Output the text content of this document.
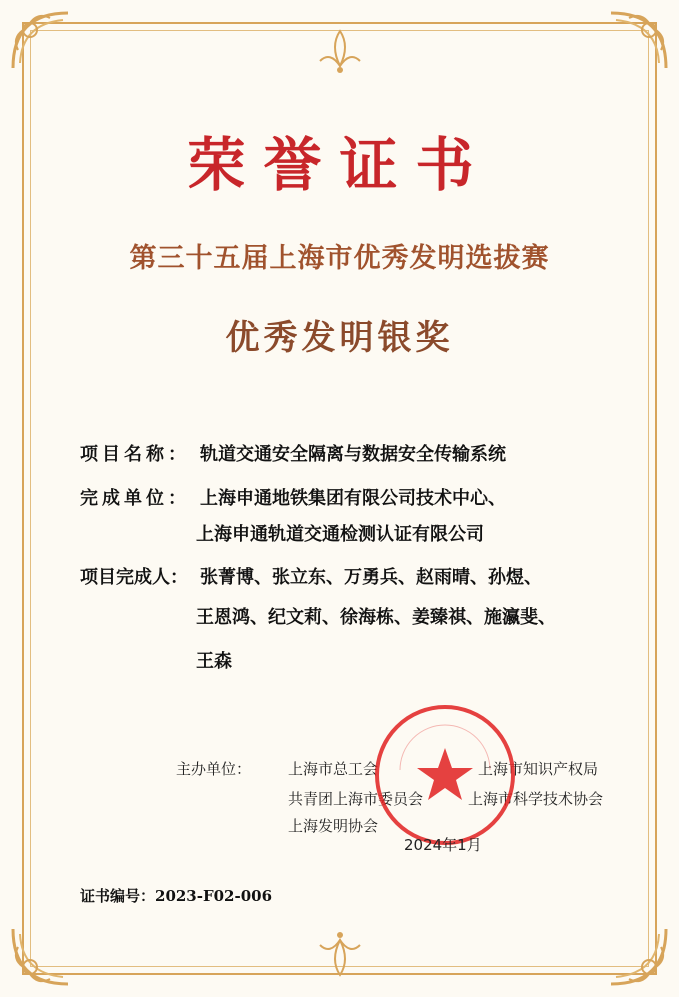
荣誉证书
第三十五届上海市优秀发明选拔赛
优秀发明银奖
项目名称： 轨道交通安全隔离与数据安全传输系统
完成单位： 上海申通地铁集团有限公司技术中心、
上海申通轨道交通检测认证有限公司
项目完成人： 张菁博、张立东、万勇兵、赵雨晴、孙煜、
王恩鸿、纪文莉、徐海栋、姜臻祺、施瀛斐、
王森
主办单位： 上海市总工会	上海市知识产权局
共青团上海市委员会	上海市科学技术协会
上海发明协会
2024年1月
证书编号：2023-F02-006
